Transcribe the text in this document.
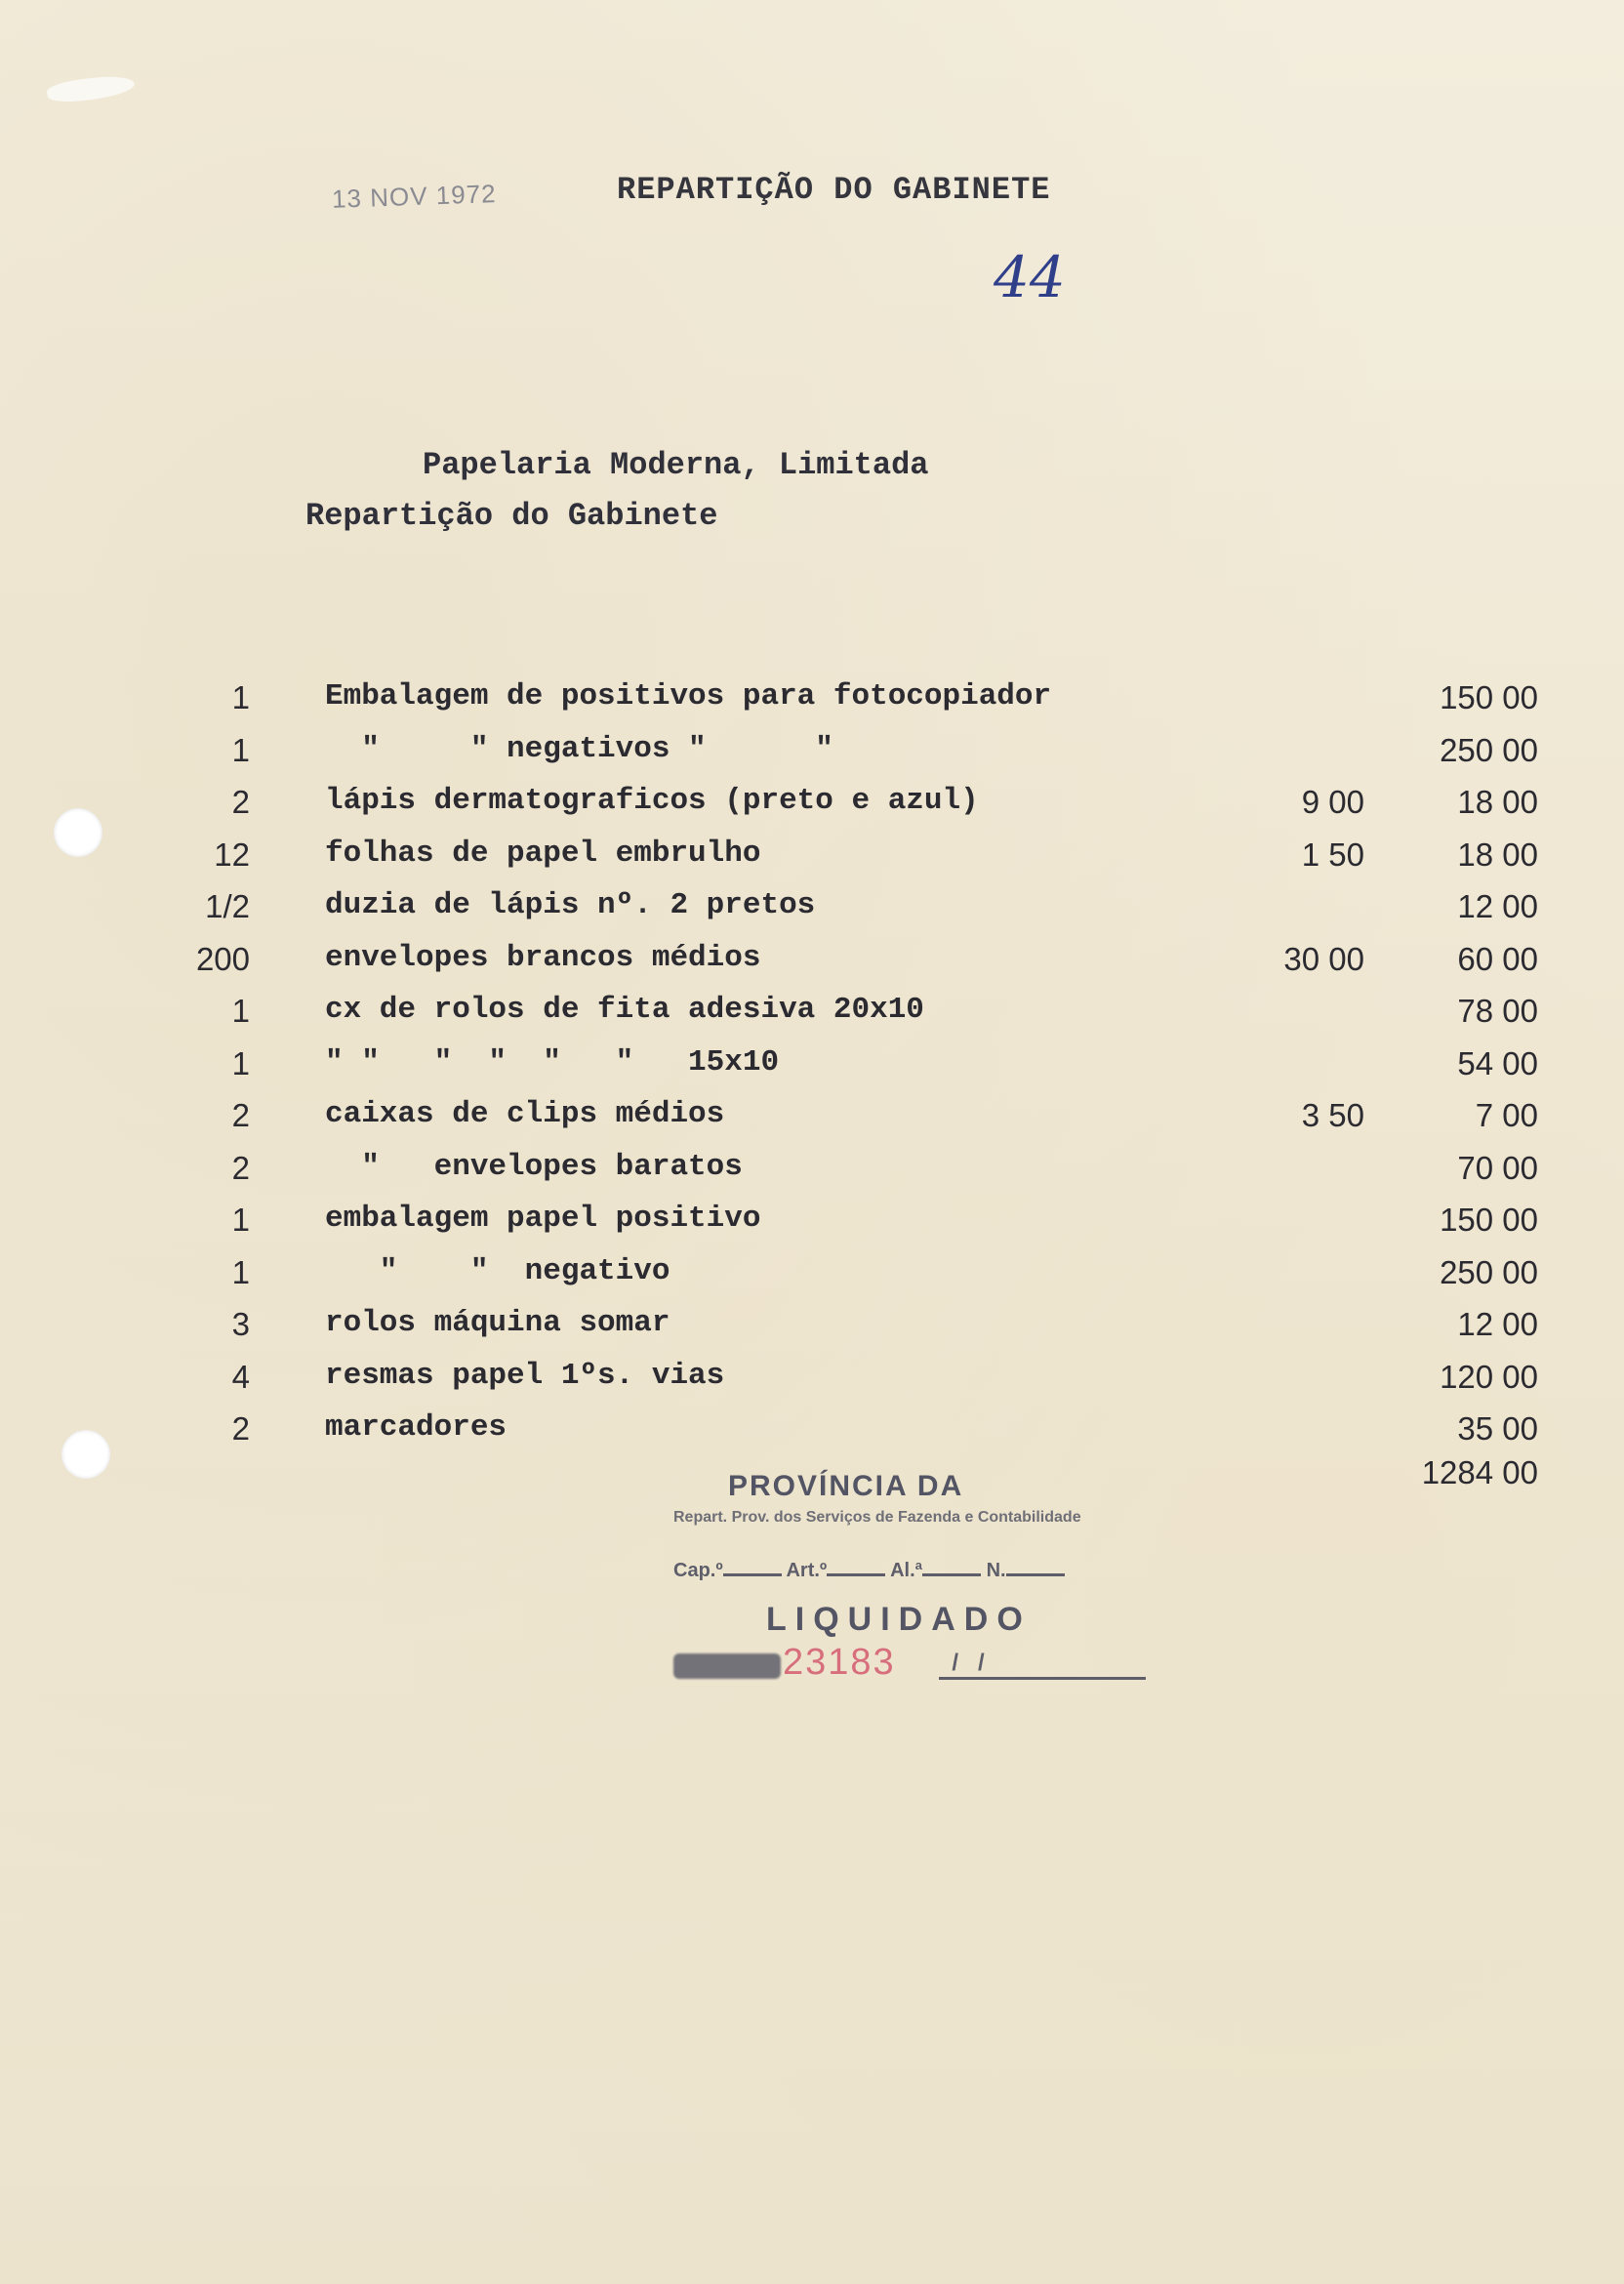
13 NOV 1972	REPARTIÇÃO DO GABINETE
44
Papelaria Moderna, Limitada
Repartição do Gabinete
1 Embalagem de positivos para fotocopiador	150 00
1 "     " negativos "      "	250 00
2 lápis dermatograficos (preto e azul)	9 00	18 00
12 folhas de papel embrulho	1 50	18 00
1/2 duzia de lápis nº. 2 pretos	12 00
200 envelopes brancos médios	30 00	60 00
1 cx de rolos de fita adesiva 20x10	78 00
1 " "   "  "  "   "   15x10	54 00
2 caixas de clips médios	3 50	7 00
2 "   envelopes baratos	70 00
1 embalagem papel positivo	150 00
1 "    "  negativo	250 00
3 rolos máquina somar	12 00
4 resmas papel 1ºs. vias	120 00
2 marcadores	35 00
1284 00
PROVÍNCIA DA
Repart. Prov. dos Serviços de Fazenda e Contabilidade
Cap.º	Art.º	Al.ª	N.
LIQUIDADO
23183 /   /
